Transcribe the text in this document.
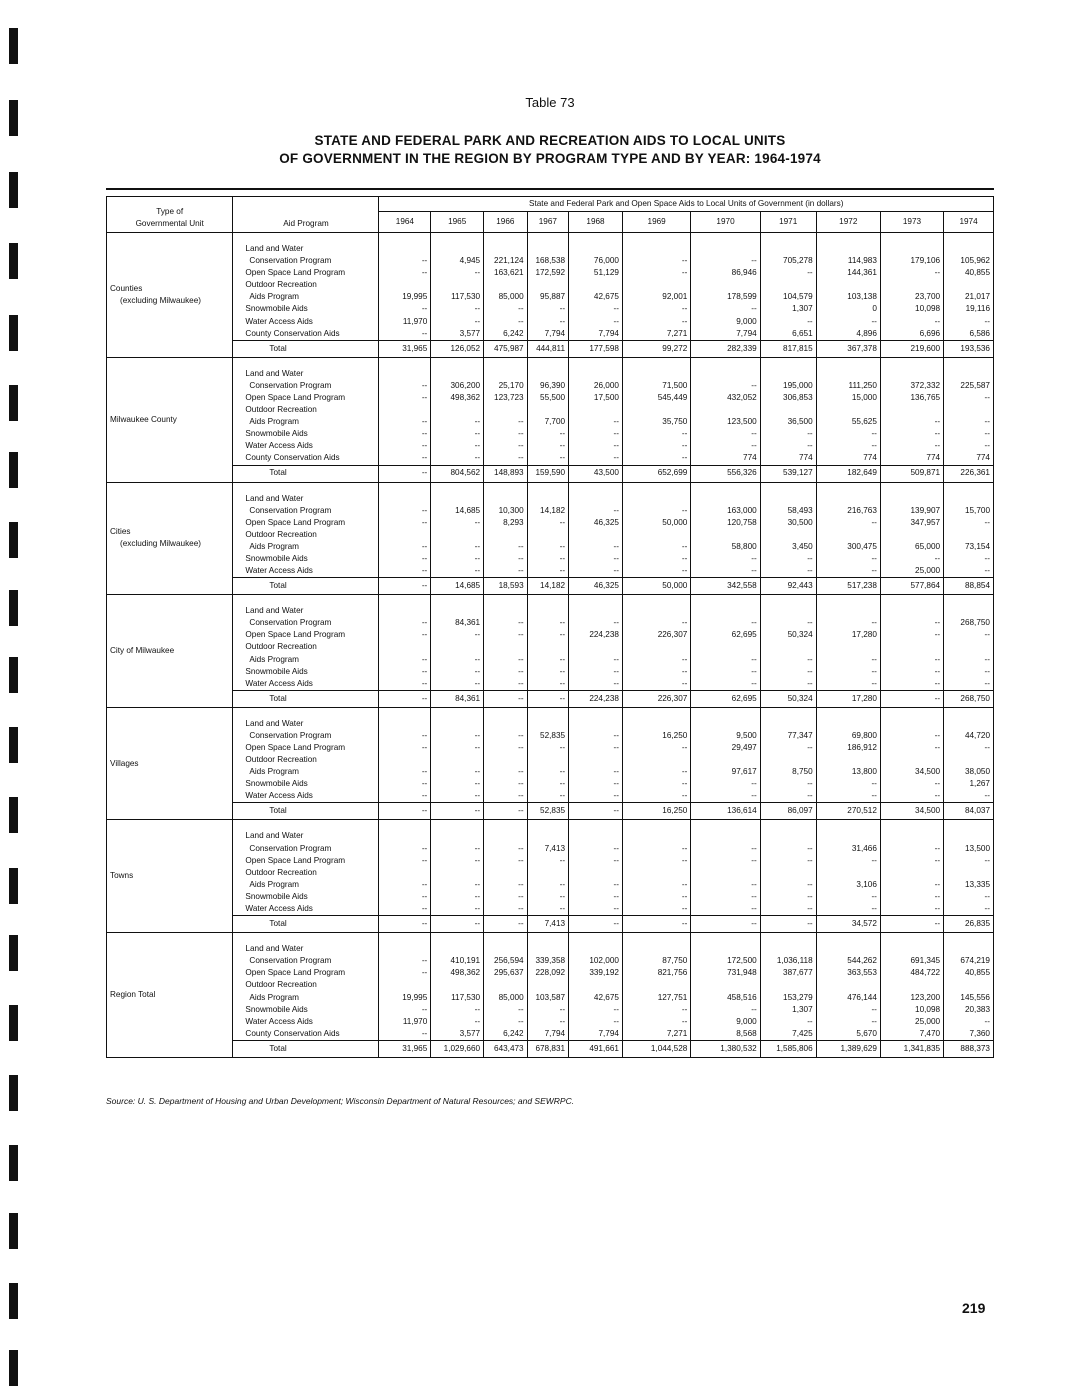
Table 73
STATE AND FEDERAL PARK AND RECREATION AIDS TO LOCAL UNITS
OF GOVERNMENT IN THE REGION BY PROGRAM TYPE AND BY YEAR: 1964-1974
Type of
Governmental Unit	Aid Program	State and Federal Park and Open Space Aids to Local Units of Government (in dollars)										
		1964	1965	1966	1967	1968	1969	1970	1971	1972	1973	1974

Counties
(excluding Milwaukee)												

	Land and Water											
	Conservation Program	--	4,945	221,124	168,538	76,000	--	--	705,278	114,983	179,106	105,962
	Open Space Land Program	--	--	163,621	172,592	51,129	--	86,946	--	144,361	--	40,855
	Outdoor Recreation											
	Aids Program	19,995	117,530	85,000	95,887	42,675	92,001	178,599	104,579	103,138	23,700	21,017
	Snowmobile Aids	--	--	--	--	--	--	--	1,307	0	10,098	19,116
	Water Access Aids	11,970	--	--	--	--	--	9,000	--	--	--	--
	County Conservation Aids	--	3,577	6,242	7,794	7,794	7,271	7,794	6,651	4,896	6,696	6,586
	Total	31,965	126,052	475,987	444,811	177,598	99,272	282,339	817,815	367,378	219,600	193,536

Milwaukee County												

	Land and Water											
	Conservation Program	--	306,200	25,170	96,390	26,000	71,500	--	195,000	111,250	372,332	225,587
	Open Space Land Program	--	498,362	123,723	55,500	17,500	545,449	432,052	306,853	15,000	136,765	--
	Outdoor Recreation											
	Aids Program	--	--	--	7,700	--	35,750	123,500	36,500	55,625	--	--
	Snowmobile Aids	--	--	--	--	--	--	--	--	--	--	--
	Water Access Aids	--	--	--	--	--	--	--	--	--	--	--
	County Conservation Aids	--	--	--	--	--	--	774	774	774	774	774
	Total	--	804,562	148,893	159,590	43,500	652,699	556,326	539,127	182,649	509,871	226,361

Cities
(excluding Milwaukee)												

	Land and Water											
	Conservation Program	--	14,685	10,300	14,182	--	--	163,000	58,493	216,763	139,907	15,700
	Open Space Land Program	--	--	8,293	--	46,325	50,000	120,758	30,500	--	347,957	--
	Outdoor Recreation											
	Aids Program	--	--	--	--	--	--	58,800	3,450	300,475	65,000	73,154
	Snowmobile Aids	--	--	--	--	--	--	--	--	--	--	--
	Water Access Aids	--	--	--	--	--	--	--	--	--	25,000	--
	Total	--	14,685	18,593	14,182	46,325	50,000	342,558	92,443	517,238	577,864	88,854

City of Milwaukee												

	Land and Water											
	Conservation Program	--	84,361	--	--	--	--	--	--	--	--	268,750
	Open Space Land Program	--	--	--	--	224,238	226,307	62,695	50,324	17,280	--	--
	Outdoor Recreation											
	Aids Program	--	--	--	--	--	--	--	--	--	--	--
	Snowmobile Aids	--	--	--	--	--	--	--	--	--	--	--
	Water Access Aids	--	--	--	--	--	--	--	--	--	--	--
	Total	--	84,361	--	--	224,238	226,307	62,695	50,324	17,280	--	268,750

Villages												

	Land and Water											
	Conservation Program	--	--	--	52,835	--	16,250	9,500	77,347	69,800	--	44,720
	Open Space Land Program	--	--	--	--	--	--	29,497	--	186,912	--	--
	Outdoor Recreation											
	Aids Program	--	--	--	--	--	--	97,617	8,750	13,800	34,500	38,050
	Snowmobile Aids	--	--	--	--	--	--	--	--	--	--	1,267
	Water Access Aids	--	--	--	--	--	--	--	--	--	--	--
	Total	--	--	--	52,835	--	16,250	136,614	86,097	270,512	34,500	84,037

Towns												

	Land and Water											
	Conservation Program	--	--	--	7,413	--	--	--	--	31,466	--	13,500
	Open Space Land Program	--	--	--	--	--	--	--	--	--	--	--
	Outdoor Recreation											
	Aids Program	--	--	--	--	--	--	--	--	3,106	--	13,335
	Snowmobile Aids	--	--	--	--	--	--	--	--	--	--	--
	Water Access Aids	--	--	--	--	--	--	--	--	--	--	--
	Total	--	--	--	7,413	--	--	--	--	34,572	--	26,835

Region Total												

	Land and Water											
	Conservation Program	--	410,191	256,594	339,358	102,000	87,750	172,500	1,036,118	544,262	691,345	674,219
	Open Space Land Program	--	498,362	295,637	228,092	339,192	821,756	731,948	387,677	363,553	484,722	40,855
	Outdoor Recreation											
	Aids Program	19,995	117,530	85,000	103,587	42,675	127,751	458,516	153,279	476,144	123,200	145,556
	Snowmobile Aids	--	--	--	--	--	--	--	1,307	--	10,098	20,383
	Water Access Aids	11,970	--	--	--	--	--	9,000	--	--	25,000	--
	County Conservation Aids	--	3,577	6,242	7,794	7,794	7,271	8,568	7,425	5,670	7,470	7,360
	Total	31,965	1,029,660	643,473	678,831	491,661	1,044,528	1,380,532	1,585,806	1,389,629	1,341,835	888,373
Source: U. S. Department of Housing and Urban Development; Wisconsin Department of Natural Resources; and SEWRPC.
219
